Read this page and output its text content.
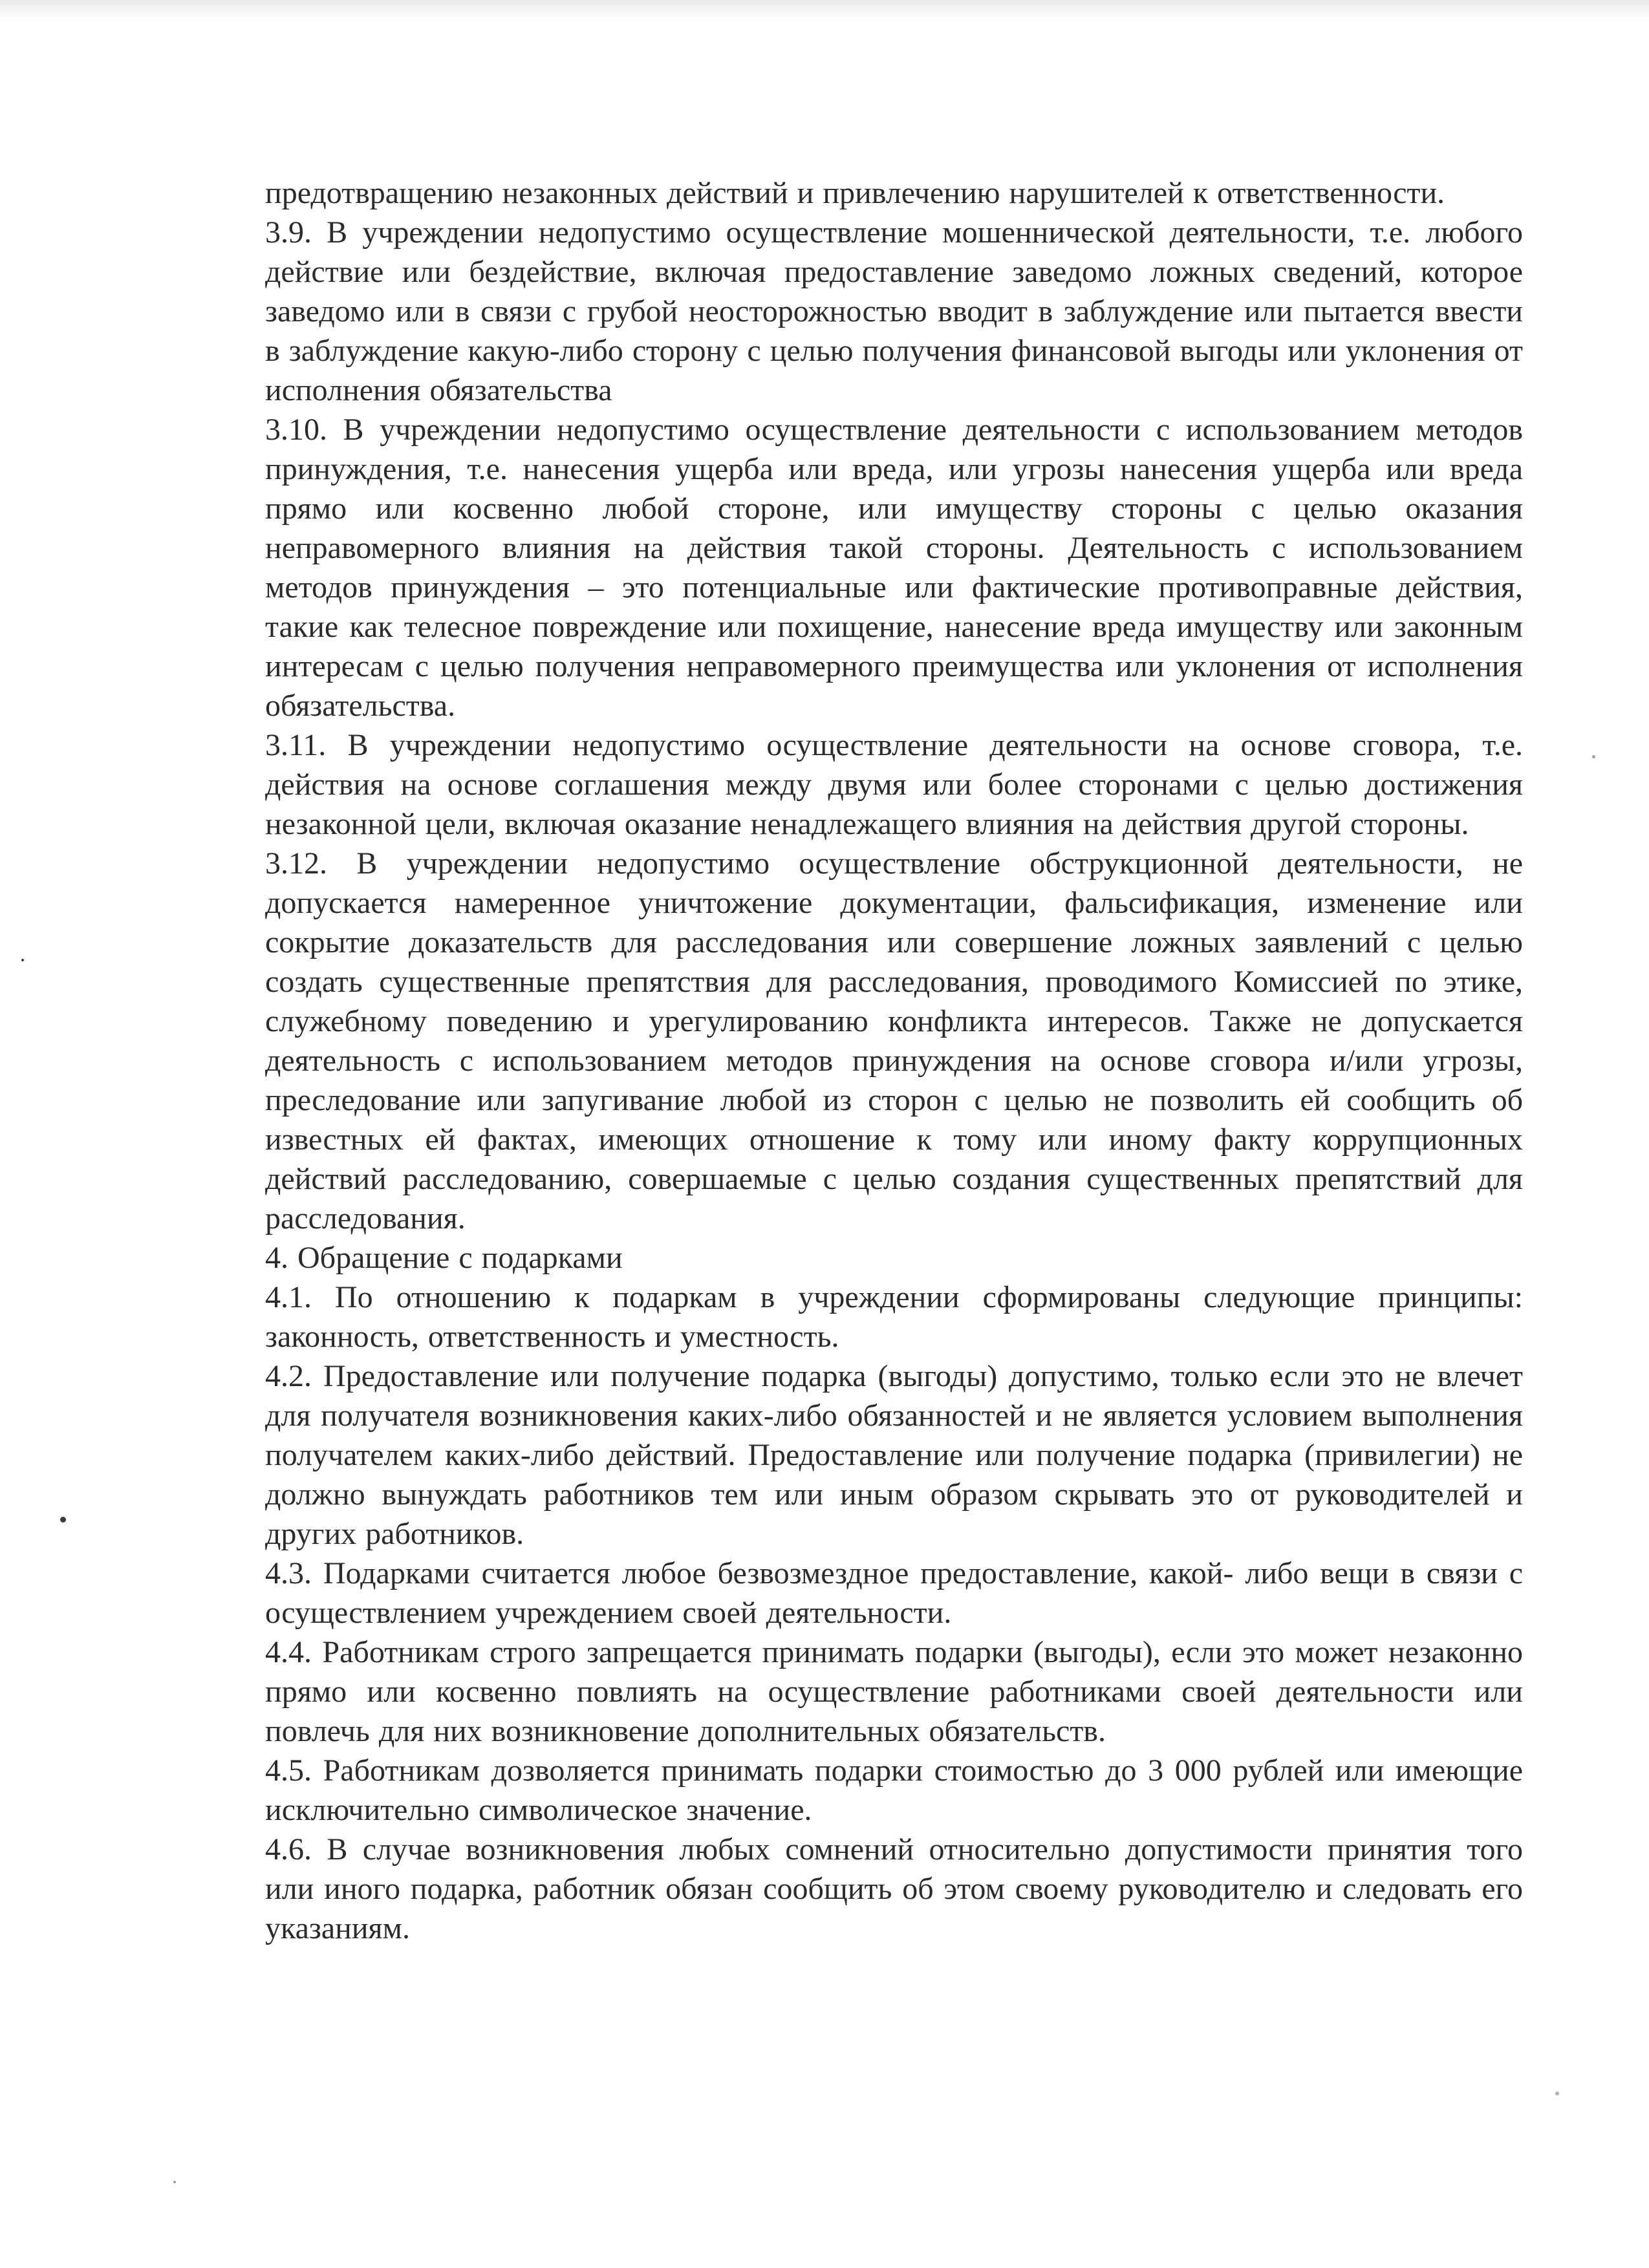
предотвращению незаконных действий и привлечению нарушителей к ответственности.

3.9. В учреждении недопустимо осуществление мошеннической деятельности, т.е. любого действие или бездействие, включая предоставление заведомо ложных сведений, которое заведомо или в связи с грубой неосторожностью вводит в заблуждение или пытается ввести в заблуждение какую-либо сторону с целью получения финансовой выгоды или уклонения от исполнения обязательства

3.10. В учреждении недопустимо осуществление деятельности с использованием методов принуждения, т.е. нанесения ущерба или вреда, или угрозы нанесения ущерба или вреда прямо или косвенно любой стороне, или имуществу стороны с целью оказания неправомерного влияния на действия такой стороны. Деятельность с использованием методов принуждения – это потенциальные или фактические противоправные действия, такие как телесное повреждение или похищение, нанесение вреда имуществу или законным интересам с целью получения неправомерного преимущества или уклонения от исполнения обязательства.

3.11. В учреждении недопустимо осуществление деятельности на основе сговора, т.е. действия на основе соглашения между двумя или более сторонами с целью достижения незаконной цели, включая оказание ненадлежащего влияния на действия другой стороны.

3.12. В учреждении недопустимо осуществление обструкционной деятельности, не допускается намеренное уничтожение документации, фальсификация, изменение или сокрытие доказательств для расследования или совершение ложных заявлений с целью создать существенные препятствия для расследования, проводимого Комиссией по этике, служебному поведению и урегулированию конфликта интересов. Также не допускается деятельность с использованием методов принуждения на основе сговора и/или угрозы, преследование или запугивание любой из сторон с целью не позволить ей сообщить об известных ей фактах, имеющих отношение к тому или иному факту коррупционных действий расследованию, совершаемые с целью создания существенных препятствий для расследования.

4. Обращение с подарками

4.1. По отношению к подаркам в учреждении сформированы следующие принципы: законность, ответственность и уместность.

4.2. Предоставление или получение подарка (выгоды) допустимо, только если это не влечет для получателя возникновения каких-либо обязанностей и не является условием выполнения получателем каких-либо действий. Предоставление или получение подарка (привилегии) не должно вынуждать работников тем или иным образом скрывать это от руководителей и других работников.

4.3. Подарками считается любое безвозмездное предоставление, какой- либо вещи в связи с осуществлением учреждением своей деятельности.

4.4. Работникам строго запрещается принимать подарки (выгоды), если это может незаконно прямо или косвенно повлиять на осуществление работниками своей деятельности или повлечь для них возникновение дополнительных обязательств.

4.5. Работникам дозволяется принимать подарки стоимостью до 3 000 рублей или имеющие исключительно символическое значение.

4.6. В случае возникновения любых сомнений относительно допустимости принятия того или иного подарка, работник обязан сообщить об этом своему руководителю и следовать его указаниям.
